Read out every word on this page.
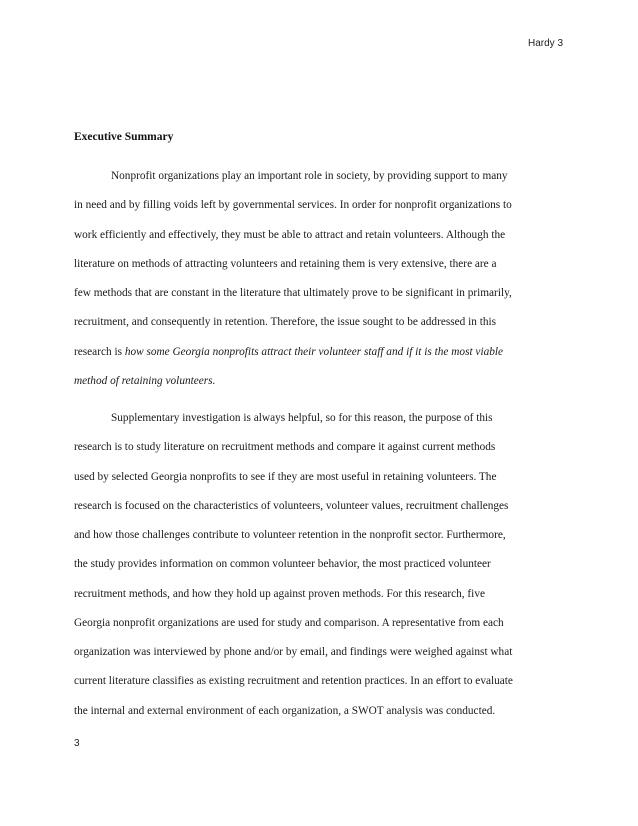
Hardy 3
Executive Summary
Nonprofit organizations play an important role in society, by providing support to many
in need and by filling voids left by governmental services. In order for nonprofit organizations to
work efficiently and effectively, they must be able to attract and retain volunteers. Although the
literature on methods of attracting volunteers and retaining them is very extensive, there are a
few methods that are constant in the literature that ultimately prove to be significant in primarily,
recruitment, and consequently in retention. Therefore, the issue sought to be addressed in this
research is how some Georgia nonprofits attract their volunteer staff and if it is the most viable
method of retaining volunteers.
Supplementary investigation is always helpful, so for this reason, the purpose of this
research is to study literature on recruitment methods and compare it against current methods
used by selected Georgia nonprofits to see if they are most useful in retaining volunteers. The
research is focused on the characteristics of volunteers, volunteer values, recruitment challenges
and how those challenges contribute to volunteer retention in the nonprofit sector. Furthermore,
the study provides information on common volunteer behavior, the most practiced volunteer
recruitment methods, and how they hold up against proven methods. For this research, five
Georgia nonprofit organizations are used for study and comparison. A representative from each
organization was interviewed by phone and/or by email, and findings were weighed against what
current literature classifies as existing recruitment and retention practices. In an effort to evaluate
the internal and external environment of each organization, a SWOT analysis was conducted.
3
